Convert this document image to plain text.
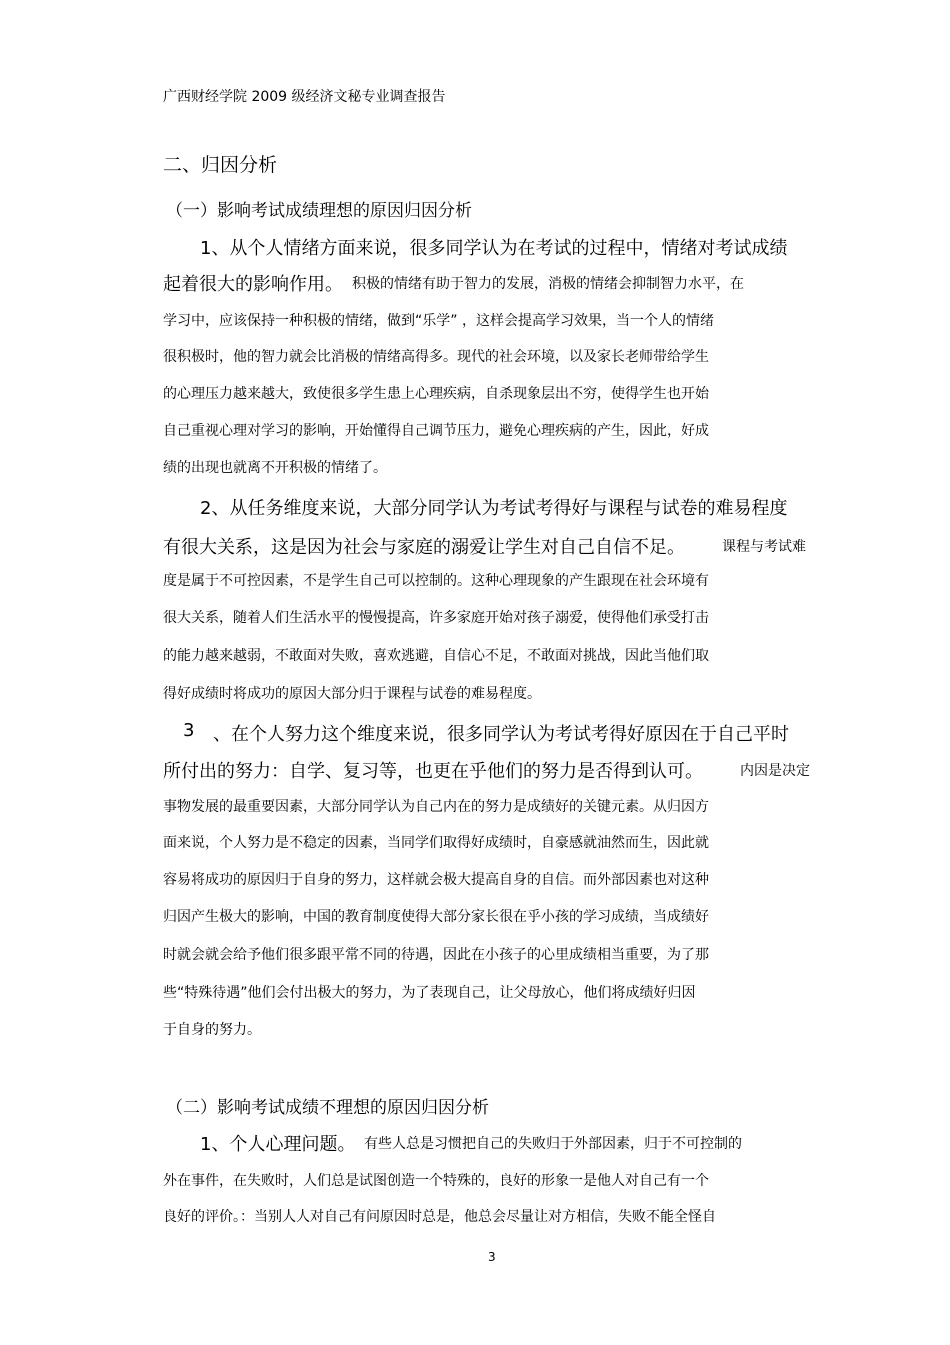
广西财经学院 2009 级经济文秘专业调查报告

二、归因分析

（一）影响考试成绩理想的原因归因分析

1、从个人情绪方面来说，很多同学认为在考试的过程中，情绪对考试成绩

起着很大的影响作用。 积极的情绪有助于智力的发展，消极的情绪会抑制智力水平，在

学习中，应该保持一种积极的情绪，做到“乐学” ，这样会提高学习效果，当一个人的情绪

很积极时，他的智力就会比消极的情绪高得多。现代的社会环境，以及家长老师带给学生

的心理压力越来越大，致使很多学生患上心理疾病，自杀现象层出不穷，使得学生也开始

自己重视心理对学习的影响，开始懂得自己调节压力，避免心理疾病的产生，因此，好成

绩的出现也就离不开积极的情绪了。

2、从任务维度来说，大部分同学认为考试考得好与课程与试卷的难易程度

有很大关系，这是因为社会与家庭的溺爱让学生对自己自信不足。	课程与考试难

度是属于不可控因素，不是学生自己可以控制的。这种心理现象的产生跟现在社会环境有

很大关系，随着人们生活水平的慢慢提高，许多家庭开始对孩子溺爱，使得他们承受打击

的能力越来越弱，不敢面对失败，喜欢逃避，自信心不足，不敢面对挑战，因此当他们取

得好成绩时将成功的原因大部分归于课程与试卷的难易程度。

3 、在个人努力这个维度来说，很多同学认为考试考得好原因在于自己平时

所付出的努力：自学、复习等，也更在乎他们的努力是否得到认可。	内因是决定

事物发展的最重要因素，大部分同学认为自己内在的努力是成绩好的关键元素。从归因方

面来说，个人努力是不稳定的因素，当同学们取得好成绩时，自豪感就油然而生，因此就

容易将成功的原因归于自身的努力，这样就会极大提高自身的自信。而外部因素也对这种

归因产生极大的影响，中国的教育制度使得大部分家长很在乎小孩的学习成绩，当成绩好

时就会就会给予他们很多跟平常不同的待遇，因此在小孩子的心里成绩相当重要，为了那

些“特殊待遇”他们会付出极大的努力，为了表现自己，让父母放心，他们将成绩好归因

于自身的努力。

（二）影响考试成绩不理想的原因归因分析

1、个人心理问题。 有些人总是习惯把自己的失败归于外部因素，归于不可控制的

外在事件，在失败时，人们总是试图创造一个特殊的，良好的形象一是他人对自己有一个

良好的评价。：当别人人对自己有问原因时总是，他总会尽量让对方相信，失败不能全怪自

3
